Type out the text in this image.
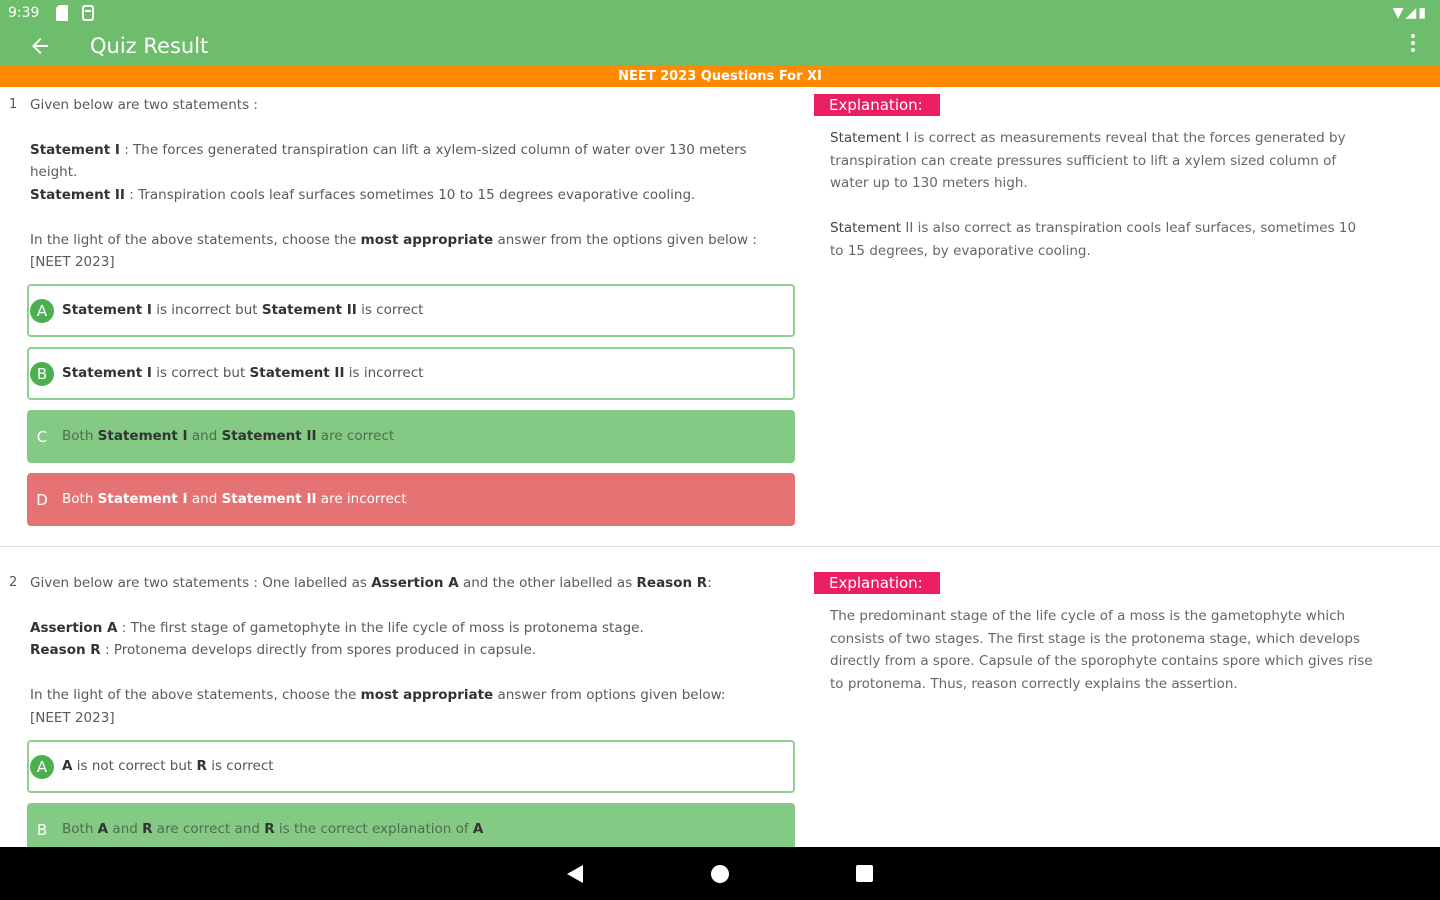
9:39	▼◢▮
Quiz Result
NEET 2023 Questions For XI
1 Given below are two statements :
Statement I : The forces generated transpiration can lift a xylem-sized column of water over 130 meters
height.
Statement II : Transpiration cools leaf surfaces sometimes 10 to 15 degrees evaporative cooling.
In the light of the above statements, choose the most appropriate answer from the options given below :
[NEET 2023]
A	Statement I is incorrect but Statement II is correct
B	Statement I is correct but Statement II is incorrect
C	Both Statement I and Statement II are correct
D	Both Statement I and Statement II are incorrect
Explanation:
Statement I is correct as measurements reveal that the forces generated by
transpiration can create pressures sufficient to lift a xylem sized column of
water up to 130 meters high.
Statement II is also correct as transpiration cools leaf surfaces, sometimes 10
to 15 degrees, by evaporative cooling.
2 Given below are two statements : One labelled as Assertion A and the other labelled as Reason R:
Assertion A : The first stage of gametophyte in the life cycle of moss is protonema stage.
Reason R : Protonema develops directly from spores produced in capsule.
In the light of the above statements, choose the most appropriate answer from options given below:
[NEET 2023]
A	A is not correct but R is correct
B	Both A and R are correct and R is the correct explanation of A
Explanation:
The predominant stage of the life cycle of a moss is the gametophyte which
consists of two stages. The first stage is the protonema stage, which develops
directly from a spore. Capsule of the sporophyte contains spore which gives rise
to protonema. Thus, reason correctly explains the assertion.
